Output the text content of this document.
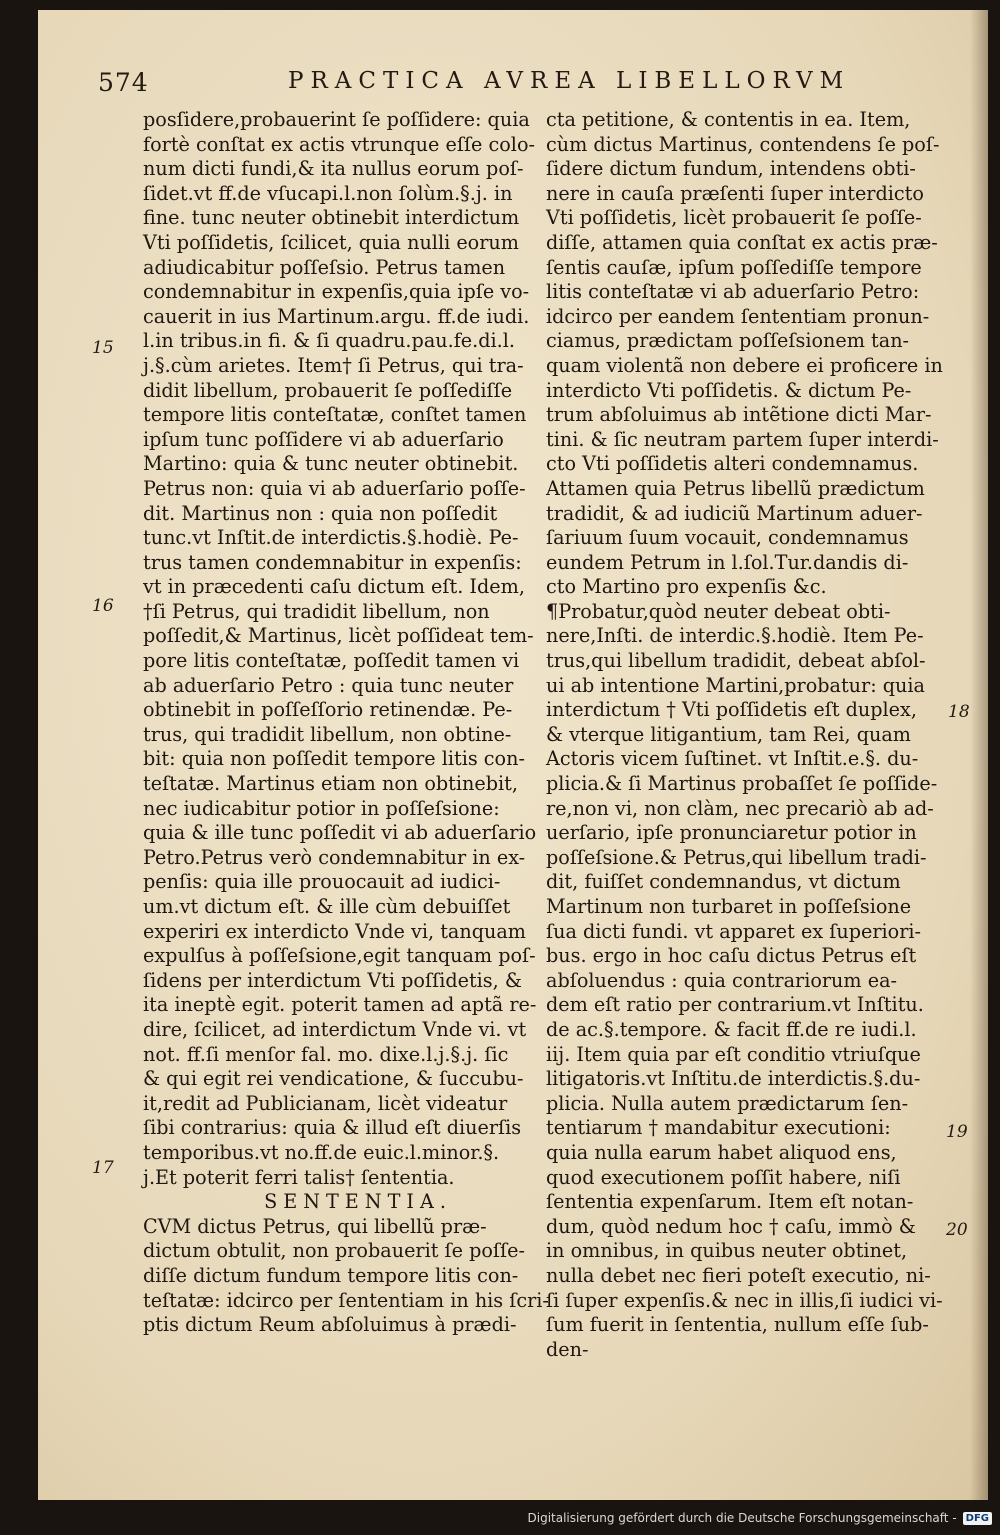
574	PRACTICA AVREA LIBELLORVM
posſidere,probauerint ſe poſſidere: quia
fortè conſtat ex actis vtrunque eſſe colo-
num dicti fundi,& ita nullus eorum poſ-
ſidet.vt ff.de vſucapi.l.non ſolùm.§.j. in
fine. tunc neuter obtinebit interdictum
Vti poſſidetis, ſcilicet, quia nulli eorum
adiudicabitur poſſeſsio. Petrus tamen
condemnabitur in expenſis,quia ipſe vo-
cauerit in ius Martinum.argu. ff.de iudi.
l.in tribus.in fi. & ſi quadru.pau.fe.di.l.
j.§.cùm arietes. Item† ſi Petrus, qui tra-
didit libellum, probauerit ſe poſſediſſe
tempore litis conteſtatæ, conſtet tamen
ipſum tunc poſſidere vi ab aduerſario
Martino: quia & tunc neuter obtinebit.
Petrus non: quia vi ab aduerſario poſſe-
dit. Martinus non : quia non poſſedit
tunc.vt Inſtit.de interdictis.§.hodiè. Pe-
trus tamen condemnabitur in expenſis:
vt in præcedenti caſu dictum eſt. Idem,
†ſi Petrus, qui tradidit libellum, non
poſſedit,& Martinus, licèt poſſideat tem-
pore litis conteſtatæ, poſſedit tamen vi
ab aduerſario Petro : quia tunc neuter
obtinebit in poſſeſſorio retinendæ. Pe-
trus, qui tradidit libellum, non obtine-
bit: quia non poſſedit tempore litis con-
teſtatæ. Martinus etiam non obtinebit,
nec iudicabitur potior in poſſeſsione:
quia & ille tunc poſſedit vi ab aduerſario
Petro.Petrus verò condemnabitur in ex-
penſis: quia ille prouocauit ad iudici-
um.vt dictum eſt. & ille cùm debuiſſet
experiri ex interdicto Vnde vi, tanquam
expulſus à poſſeſsione,egit tanquam poſ-
ſidens per interdictum Vti poſſidetis, &
ita ineptè egit. poterit tamen ad aptã re-
dire, ſcilicet, ad interdictum Vnde vi. vt
not. ff.ſi menſor fal. mo. dixe.l.j.§.j. ſic
& qui egit rei vendicatione, & ſuccubu-
it,redit ad Publicianam, licèt videatur
ſibi contrarius: quia & illud eſt diuerſis
temporibus.vt no.ff.de euic.l.minor.§.
j.Et poterit ferri talis† ſententia.
SENTENTIA.
CVM dictus Petrus, qui libellũ præ-
dictum obtulit, non probauerit ſe poſſe-
diſſe dictum fundum tempore litis con-
teſtatæ: idcirco per ſententiam in his ſcri-
ptis dictum Reum abſoluimus à prædi-
cta petitione, & contentis in ea. Item,
cùm dictus Martinus, contendens ſe poſ-
ſidere dictum fundum, intendens obti-
nere in cauſa præſenti ſuper interdicto
Vti poſſidetis, licèt probauerit ſe poſſe-
diſſe, attamen quia conſtat ex actis præ-
ſentis cauſæ, ipſum poſſediſſe tempore
litis conteſtatæ vi ab aduerſario Petro:
idcirco per eandem ſententiam pronun-
ciamus, prædictam poſſeſsionem tan-
quam violentã non debere ei proficere in
interdicto Vti poſſidetis. & dictum Pe-
trum abſoluimus ab intẽtione dicti Mar-
tini. & ſic neutram partem ſuper interdi-
cto Vti poſſidetis alteri condemnamus.
Attamen quia Petrus libellũ prædictum
tradidit, & ad iudiciũ Martinum aduer-
ſariuum ſuum vocauit, condemnamus
eundem Petrum in l.ſol.Tur.dandis di-
cto Martino pro expenſis &c.
¶Probatur,quòd neuter debeat obti-
nere,Inſti. de interdic.§.hodiè. Item Pe-
trus,qui libellum tradidit, debeat abſol-
ui ab intentione Martini,probatur: quia
interdictum † Vti poſſidetis eſt duplex,
& vterque litigantium, tam Rei, quam
Actoris vicem ſuſtinet. vt Inſtit.e.§. du-
plicia.& ſi Martinus probaſſet ſe poſſide-
re,non vi, non clàm, nec precariò ab ad-
uerſario, ipſe pronunciaretur potior in
poſſeſsione.& Petrus,qui libellum tradi-
dit, fuiſſet condemnandus, vt dictum
Martinum non turbaret in poſſeſsione
ſua dicti fundi. vt apparet ex ſuperiori-
bus. ergo in hoc caſu dictus Petrus eſt
abſoluendus : quia contrariorum ea-
dem eſt ratio per contrarium.vt Inſtitu.
de ac.§.tempore. & facit ff.de re iudi.l.
iij. Item quia par eſt conditio vtriuſque
litigatoris.vt Inſtitu.de interdictis.§.du-
plicia. Nulla autem prædictarum ſen-
tentiarum † mandabitur executioni:
quia nulla earum habet aliquod ens,
quod executionem poſſit habere, niſi
ſententia expenſarum. Item eſt notan-
dum, quòd nedum hoc † caſu, immò &
in omnibus, in quibus neuter obtinet,
nulla debet nec fieri poteſt executio, ni-
ſi ſuper expenſis.& nec in illis,ſi iudici vi-
ſum fuerit in ſententia, nullum eſſe ſub-
den-
15
16
17
18
19
20
Digitalisierung gefördert durch die Deutsche Forschungsgemeinschaft - DFG
